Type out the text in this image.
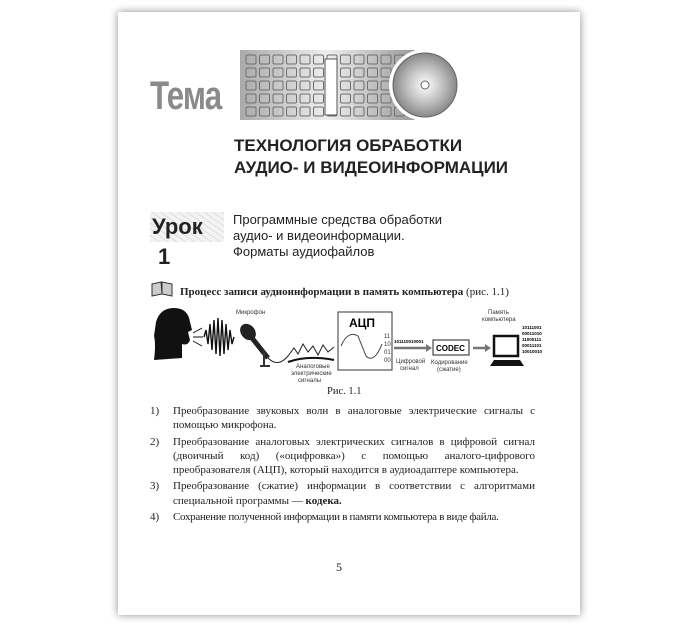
Тема
ТЕХНОЛОГИЯ ОБРАБОТКИ
АУДИО- И ВИДЕОИНФОРМАЦИИ
Урок 1
Программные средства обработки
аудио- и видеоинформации.
Форматы аудиофайлов
Процесс записи аудиоинформации в память компьютера (рис. 1.1)
Микрофон
Аналоговые
электрические
сигналы
АЦП
11
10
01
00
101110010001
Цифровой
сигнал
CODEC
Кодирование
(сжатие)
Память
компьютера
10111001
00011010
11000111
00011101
10010010
Рис. 1.1
1) Преобразование звуковых волн в аналоговые электрические сигналы с помощью микрофона.
2) Преобразование аналоговых электрических сигналов в цифровой сигнал (двоичный код) («оцифровка») с помощью аналого-цифрового преобразователя (АЦП), который находится в аудиоадаптере компьютера.
3) Преобразование (сжатие) информации в соответствии с алгоритмами специальной программы — кодека.
4) Сохранение полученной информации в памяти компьютера в виде файла.
5
